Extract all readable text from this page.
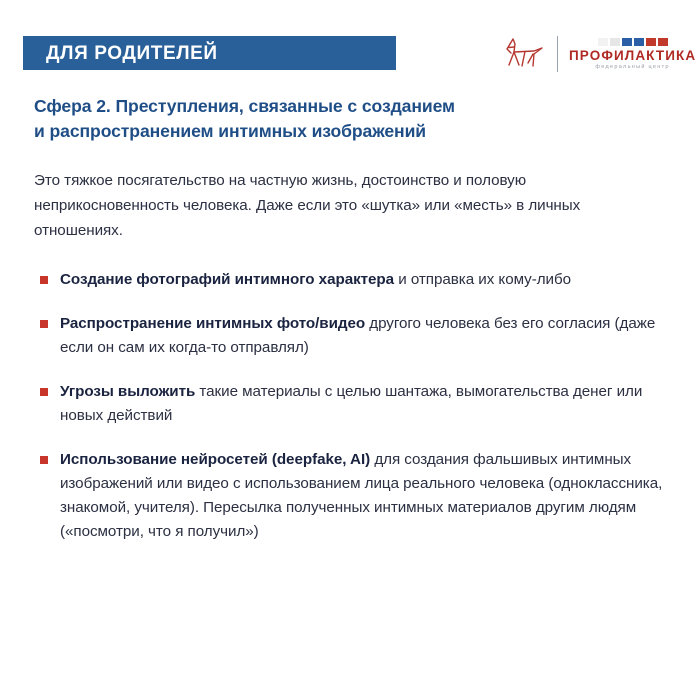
ДЛЯ РОДИТЕЛЕЙ	ПРОФИЛАКТИКА
федеральный центр
Сфера 2. Преступления, связанные с созданием
и распространением интимных изображений

Это тяжкое посягательство на частную жизнь, достоинство и половую неприкосновенность человека. Даже если это «шутка» или «месть» в личных отношениях.

Создание фотографий интимного характера и отправка их кому-либо
Распространение интимных фото/видео другого человека без его согласия (даже если он сам их когда-то отправлял)
Угрозы выложить такие материалы с целью шантажа, вымогательства денег или новых действий
Использование нейросетей (deepfake, AI) для создания фальшивых интимных изображений или видео с использованием лица реального человека (одноклассника, знакомой, учителя). Пересылка полученных интимных материалов другим людям («посмотри, что я получил»)
